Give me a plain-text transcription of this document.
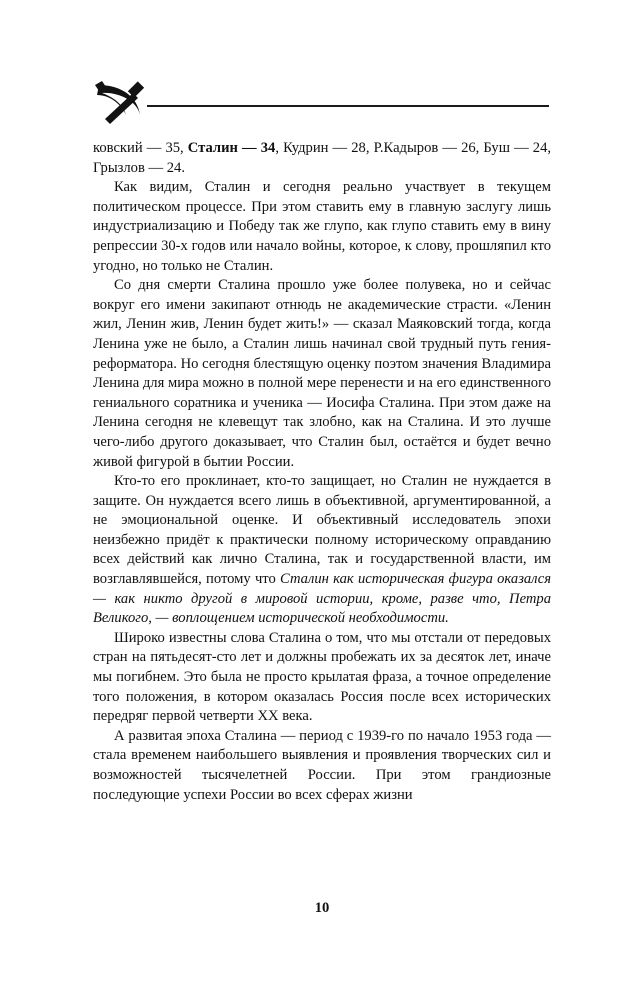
ковский — 35, Сталин — 34, Кудрин — 28, Р.Кадыров — 26, Буш — 24, Грызлов — 24.

Как видим, Сталин и сегодня реально участвует в текущем политическом процессе. При этом ставить ему в главную заслугу лишь индустриализацию и Победу так же глупо, как глупо ставить ему в вину репрессии 30-х годов или начало войны, которое, к слову, прошляпил кто угодно, но только не Сталин.

Со дня смерти Сталина прошло уже более полувека, но и сейчас вокруг его имени закипают отнюдь не академические страсти. «Ленин жил, Ленин жив, Ленин будет жить!» — сказал Маяковский тогда, когда Ленина уже не было, а Сталин лишь начинал свой трудный путь гения-реформатора. Но сегодня блестящую оценку поэтом значения Владимира Ленина для мира можно в полной мере перенести и на его единственного гениального соратника и ученика — Иосифа Сталина. При этом даже на Ленина сегодня не клевещут так злобно, как на Сталина. И это лучше чего-либо другого доказывает, что Сталин был, остаётся и будет вечно живой фигурой в бытии России.

Кто-то его проклинает, кто-то защищает, но Сталин не нуждается в защите. Он нуждается всего лишь в объективной, аргументированной, а не эмоциональной оценке. И объективный исследователь эпохи неизбежно придёт к практически полному историческому оправданию всех действий как лично Сталина, так и государственной власти, им возглавлявшейся, потому что Сталин как историческая фигура оказался — как никто другой в мировой истории, кроме, разве что, Петра Великого, — воплощением исторической необходимости.

Широко известны слова Сталина о том, что мы отстали от передовых стран на пятьдесят-сто лет и должны пробежать их за десяток лет, иначе мы погибнем. Это была не просто крылатая фраза, а точное определение того положения, в котором оказалась Россия после всех исторических передряг первой четверти XX века.

А развитая эпоха Сталина — период с 1939-го по начало 1953 года — стала временем наибольшего выявления и проявления творческих сил и возможностей тысячелетней России. При этом грандиозные последующие успехи России во всех сферах жизни

10
